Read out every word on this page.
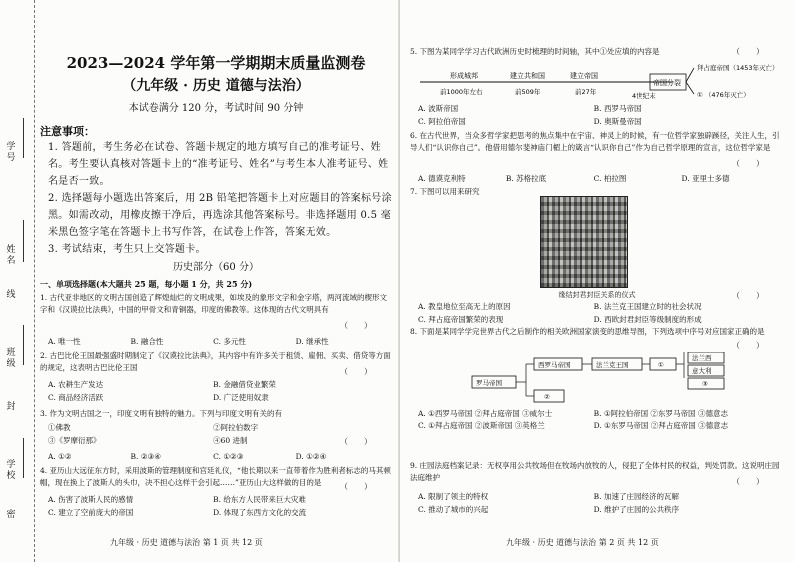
学号
姓名
线
班级
封
学校
密
2023—2024 学年第一学期期末质量监测卷
（九年级 · 历史 道德与法治）
本试卷满分 120 分，考试时间 90 分钟
注意事项：
1. 答题前，考生务必在试卷、答题卡规定的地方填写自己的准考证号、姓名。考生要认真核对答题卡上的“准考证号、姓名”与考生本人准考证号、姓名是否一致。
2. 选择题每小题选出答案后，用 2B 铅笔把答题卡上对应题目的答案标号涂黑。如需改动，用橡皮擦干净后，再选涂其他答案标号。非选择题用 0.5 毫米黑色签字笔在答题卡上书写作答，在试卷上作答，答案无效。
3. 考试结束，考生只上交答题卡。
历史部分（60 分）
一、单项选择题(本大题共 25 题，每小题 1 分，共 25 分)
1. 古代亚非地区的文明古国创造了辉煌灿烂的文明成果，如埃及的象形文字和金字塔，两河流域的楔形文字和《汉谟拉比法典》，中国的甲骨文和青铜器，印度的佛教等。这体现的古代文明具有
（　　）
A. 唯一性	B. 融合性	C. 多元性	D. 继承性
2. 古巴比伦王国最强盛时期制定了《汉谟拉比法典》，其内容中有许多关于租赁、雇佣、买卖、借贷等方面的规定，这表明古巴比伦王国	（　　）
A. 农耕生产发达	B. 金融借贷业繁荣
C. 商品经济活跃	D. 广泛使用奴隶
3. 作为文明古国之一，印度文明有独特的魅力。下列与印度文明有关的有
①佛教	②阿拉伯数字
③《罗摩衍那》	④60 进制	（　　）
A. ①②	B. ②③④	C. ①②③	D. ①②④
4. 亚历山大远征东方时，采用波斯的管理制度和宫廷礼仪，“他长期以来一直带着作为胜利者标志的马其顿帽，现在换上了波斯人的头巾，决不担心这样干会引起……”亚历山大这样做的目的是	（　　）
A. 伤害了波斯人民的感情	B. 给东方人民带来巨大灾难
C. 建立了空前庞大的帝国	D. 体现了东西方文化的交流
九年级 · 历史 道德与法治 第 1 页 共 12 页
5. 下图为某同学学习古代欧洲历史时梳理的时间轴，其中①处应填的内容是	（　　）
形成城邦	建立共和国	建立帝国
帝国分裂
前1000年左右	前509年	前27年	4世纪末
拜占庭帝国（1453年灭亡）
① （476年灭亡）
A. 波斯帝国	B. 西罗马帝国
C. 阿拉伯帝国	D. 奥斯曼帝国
6. 在古代世界，当众多哲学家把思考的焦点集中在宇宙、神灵上的时候，有一位哲学家独辟蹊径，关注人生，引导人们“认识你自己”。他借用德尔斐神庙门楣上的箴言“认识你自己”作为自己哲学原理的宣言，这位哲学家是
（　　）
A. 德谟克利特	B. 苏格拉底	C. 柏拉图	D. 亚里士多德
7. 下图可以用来研究
缘结封君封臣关系的仪式	（　　）
A. 教皇地位至高无上的原因	B. 法兰克王国建立时的社会状况
C. 拜占庭帝国繁荣的表现	D. 西欧封君封臣等级制度的形成
8. 下面是某同学学完世界古代之后制作的相关欧洲国家演变的思维导图，下列选项中序号对应国家正确的是
（　　）
罗马帝国
西罗马帝国
②
法兰克王国	①
法兰西
意大利
③
A. ①西罗马帝国 ②拜占庭帝国 ③威尔士	B. ①阿拉伯帝国 ②东罗马帝国 ③德意志
C. ①拜占庭帝国 ②波斯帝国 ③英格兰	D. ①东罗马帝国 ②拜占庭帝国 ③德意志
9. 庄园法庭档案记录：无权享用公共牧场但在牧场内放牧的人，侵犯了全体村民的权益，判处罚款。这说明庄园法庭维护	（　　）
A. 限制了领主的特权	B. 加速了庄园经济的瓦解
C. 推动了城市的兴起	D. 维护了庄园的公共秩序
九年级 · 历史 道德与法治 第 2 页 共 12 页
